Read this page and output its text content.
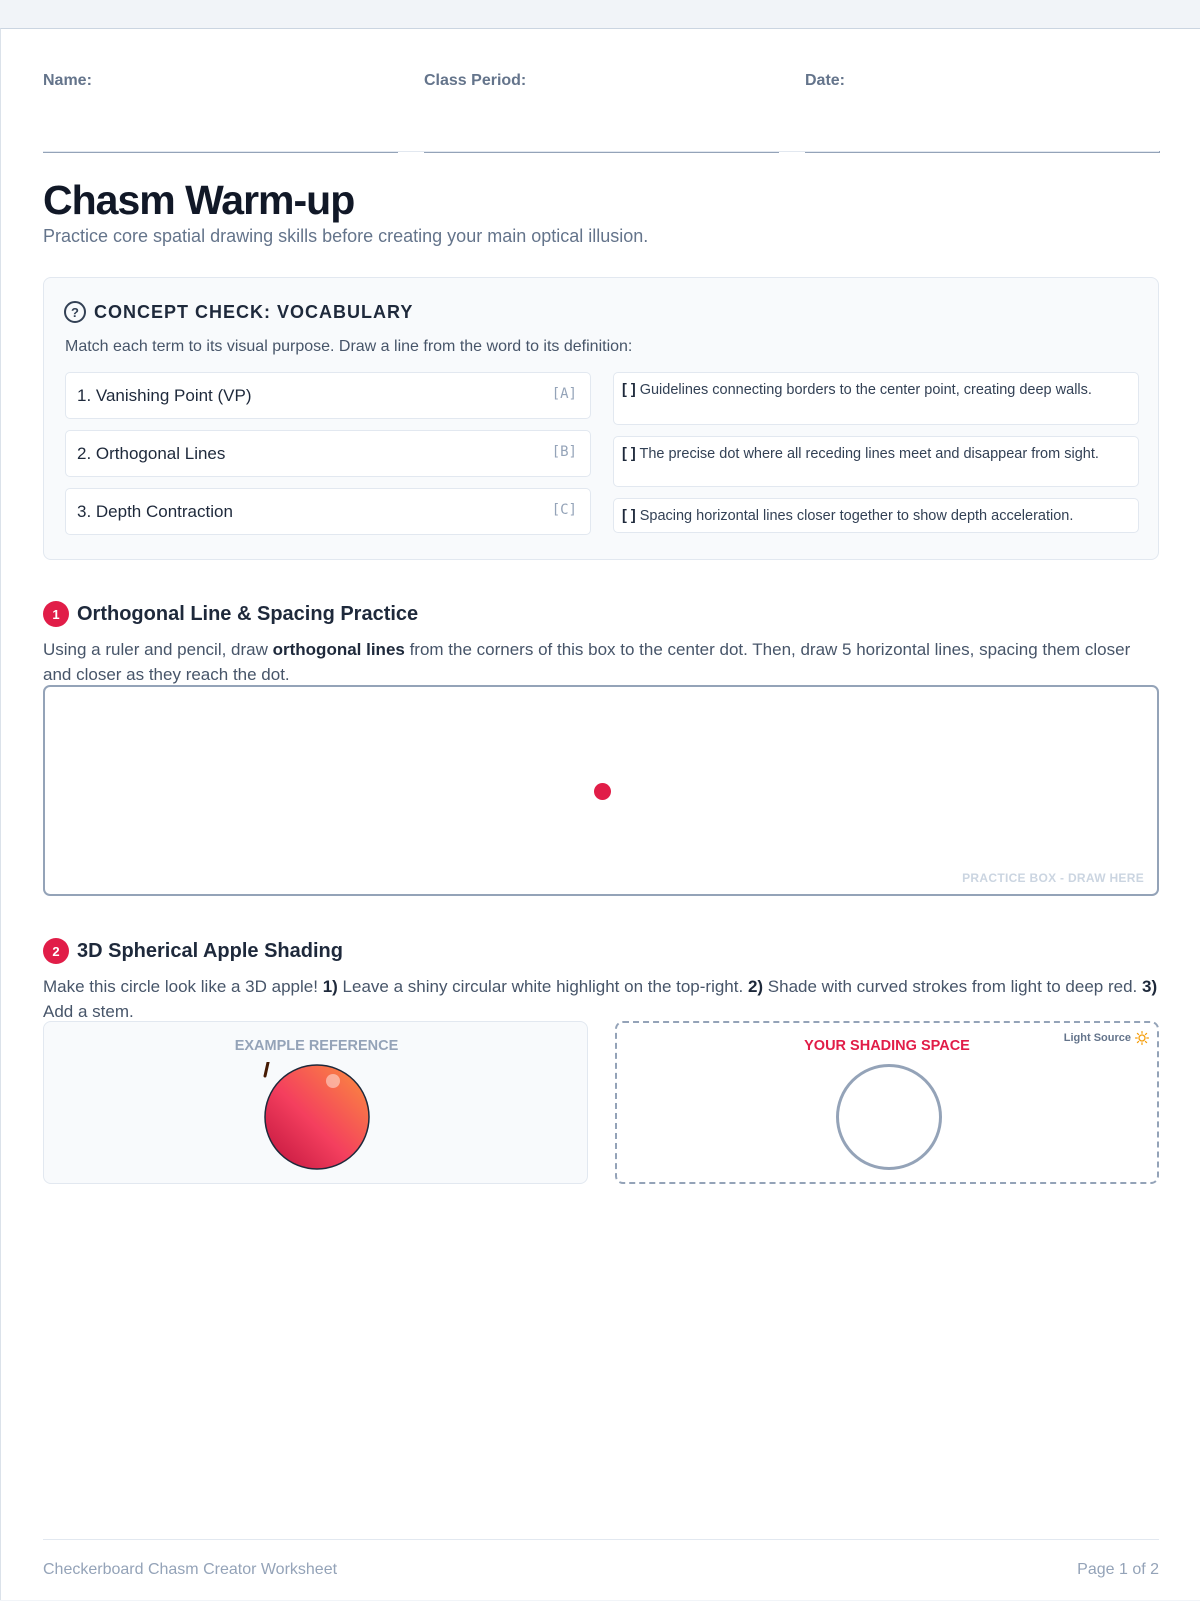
Name:	Class Period:	Date:
Chasm Warm-up

Practice core spatial drawing skills before creating your main optical illusion.

? CONCEPT CHECK: VOCABULARY

Match each term to its visual purpose. Draw a line from the word to its definition:

1. Vanishing Point (VP)	[A]
2. Orthogonal Lines	[B]
3. Depth Contraction	[C]
[ ] Guidelines connecting borders to the center point, creating deep walls.
[ ] The precise dot where all receding lines meet and disappear from sight.
[ ] Spacing horizontal lines closer together to show depth acceleration.
1 Orthogonal Line & Spacing Practice

Using a ruler and pencil, draw orthogonal lines from the corners of this box to the center dot. Then, draw 5 horizontal lines, spacing them closer and closer as they reach the dot.

PRACTICE BOX - DRAW HERE
2 3D Spherical Apple Shading

Make this circle look like a 3D apple! 1) Leave a shiny circular white highlight on the top-right. 2) Shade with curved strokes from light to deep red. 3) Add a stem.

EXAMPLE REFERENCE	YOUR SHADING SPACE	Light Source
Checkerboard Chasm Creator Worksheet	Page 1 of 2
